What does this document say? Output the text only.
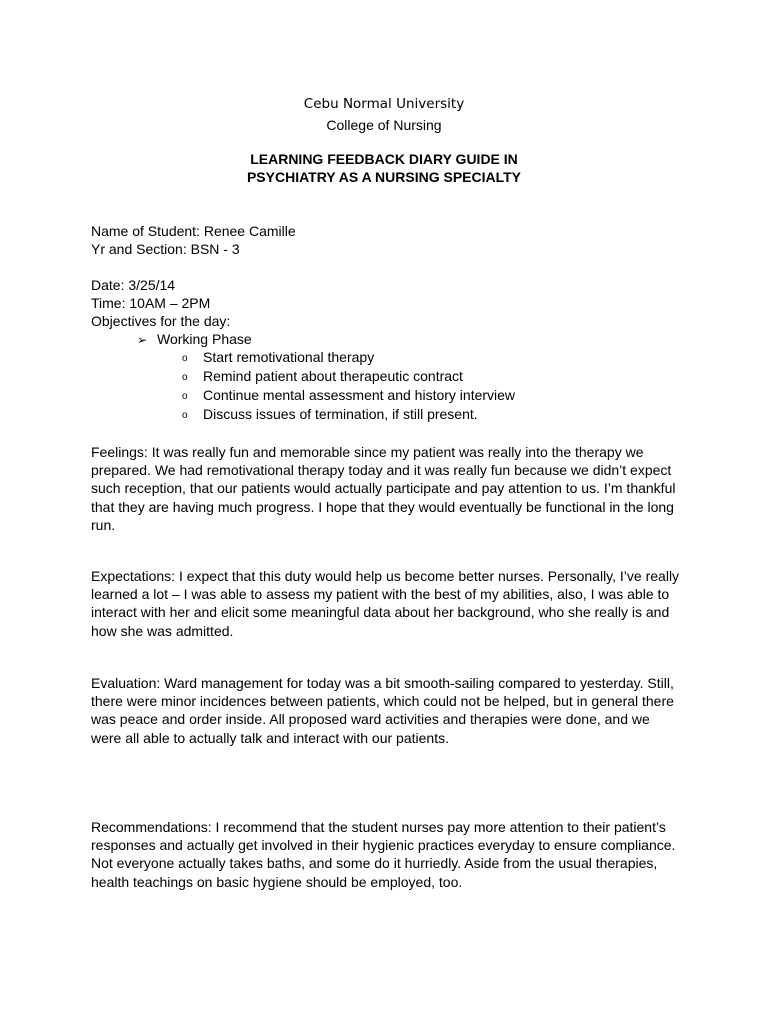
Cebu Normal University
College of Nursing
LEARNING FEEDBACK DIARY GUIDE IN
PSYCHIATRY AS A NURSING SPECIALTY
Name of Student: Renee Camille
Yr and Section: BSN - 3
Date: 3/25/14
Time: 10AM – 2PM
Objectives for the day:
➢ Working Phase
o Start remotivational therapy
o Remind patient about therapeutic contract
o Continue mental assessment and history interview
o Discuss issues of termination, if still present.

Feelings: It was really fun and memorable since my patient was really into the therapy we prepared. We had remotivational therapy today and it was really fun because we didn’t expect such reception, that our patients would actually participate and pay attention to us. I’m thankful that they are having much progress. I hope that they would eventually be functional in the long run.

Expectations: I expect that this duty would help us become better nurses. Personally, I’ve really learned a lot – I was able to assess my patient with the best of my abilities, also, I was able to interact with her and elicit some meaningful data about her background, who she really is and how she was admitted.

Evaluation: Ward management for today was a bit smooth-sailing compared to yesterday. Still, there were minor incidences between patients, which could not be helped, but in general there was peace and order inside. All proposed ward activities and therapies were done, and we were all able to actually talk and interact with our patients.

Recommendations: I recommend that the student nurses pay more attention to their patient’s responses and actually get involved in their hygienic practices everyday to ensure compliance. Not everyone actually takes baths, and some do it hurriedly. Aside from the usual therapies, health teachings on basic hygiene should be employed, too.
